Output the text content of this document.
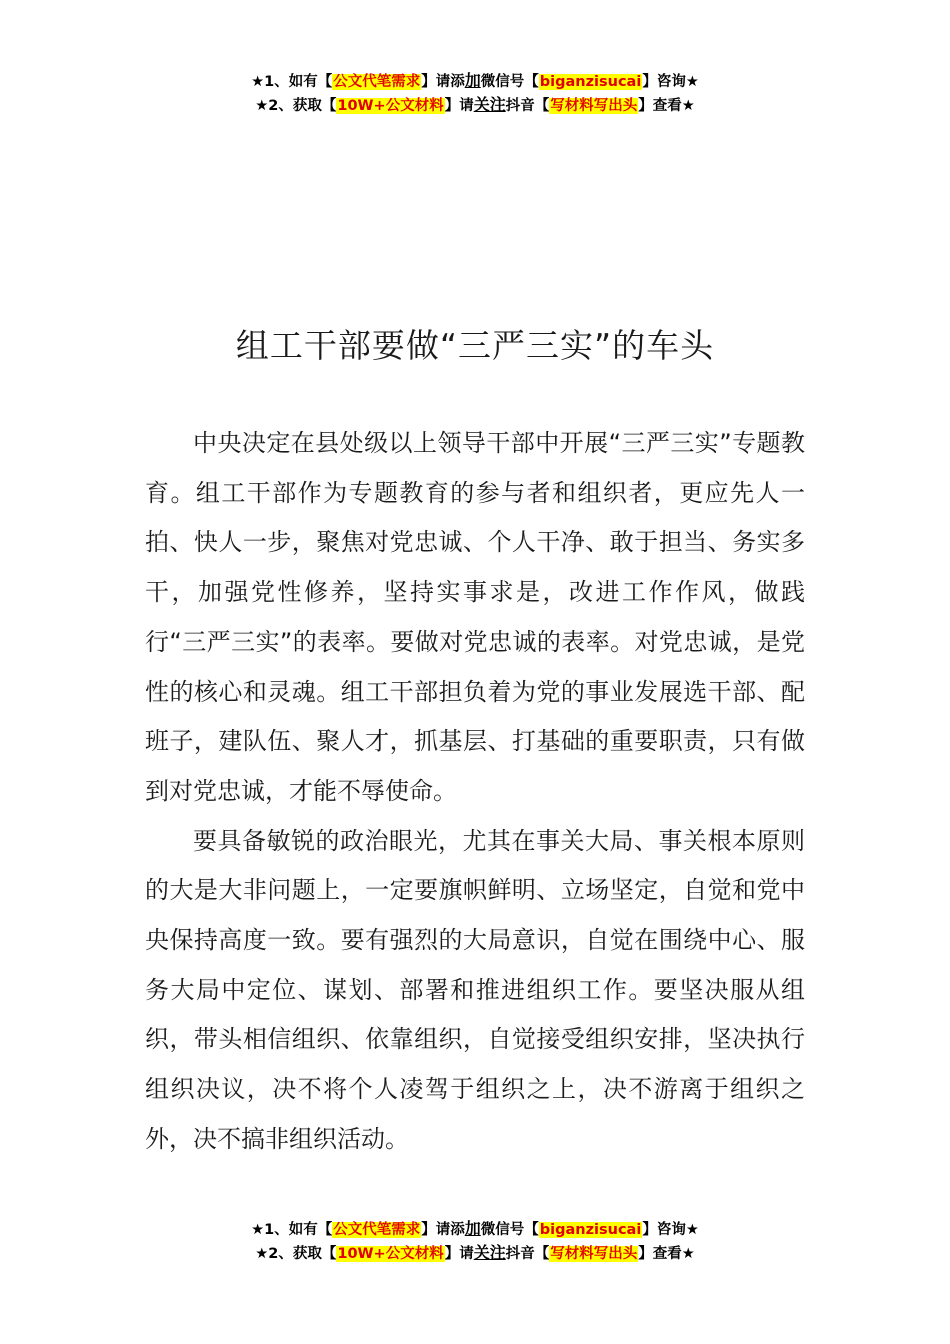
★1、如有【公文代笔需求】请添加微信号【biganzisucai】咨询★
★2、获取【10W+公文材料】请关注抖音【写材料写出头】查看★
组工干部要做“三严三实”的车头

中央决定在县处级以上领导干部中开展“三严三实”专题教育。组工干部作为专题教育的参与者和组织者，更应先人一拍、快人一步，聚焦对党忠诚、个人干净、敢于担当、务实多干，加强党性修养，坚持实事求是，改进工作作风，做践行“三严三实”的表率。要做对党忠诚的表率。对党忠诚，是党性的核心和灵魂。组工干部担负着为党的事业发展选干部、配班子，建队伍、聚人才，抓基层、打基础的重要职责，只有做到对党忠诚，才能不辱使命。

要具备敏锐的政治眼光，尤其在事关大局、事关根本原则的大是大非问题上，一定要旗帜鲜明、立场坚定，自觉和党中央保持高度一致。要有强烈的大局意识，自觉在围绕中心、服务大局中定位、谋划、部署和推进组织工作。要坚决服从组织，带头相信组织、依靠组织，自觉接受组织安排，坚决执行组织决议，决不将个人凌驾于组织之上，决不游离于组织之外，决不搞非组织活动。

★1、如有【公文代笔需求】请添加微信号【biganzisucai】咨询★
★2、获取【10W+公文材料】请关注抖音【写材料写出头】查看★
